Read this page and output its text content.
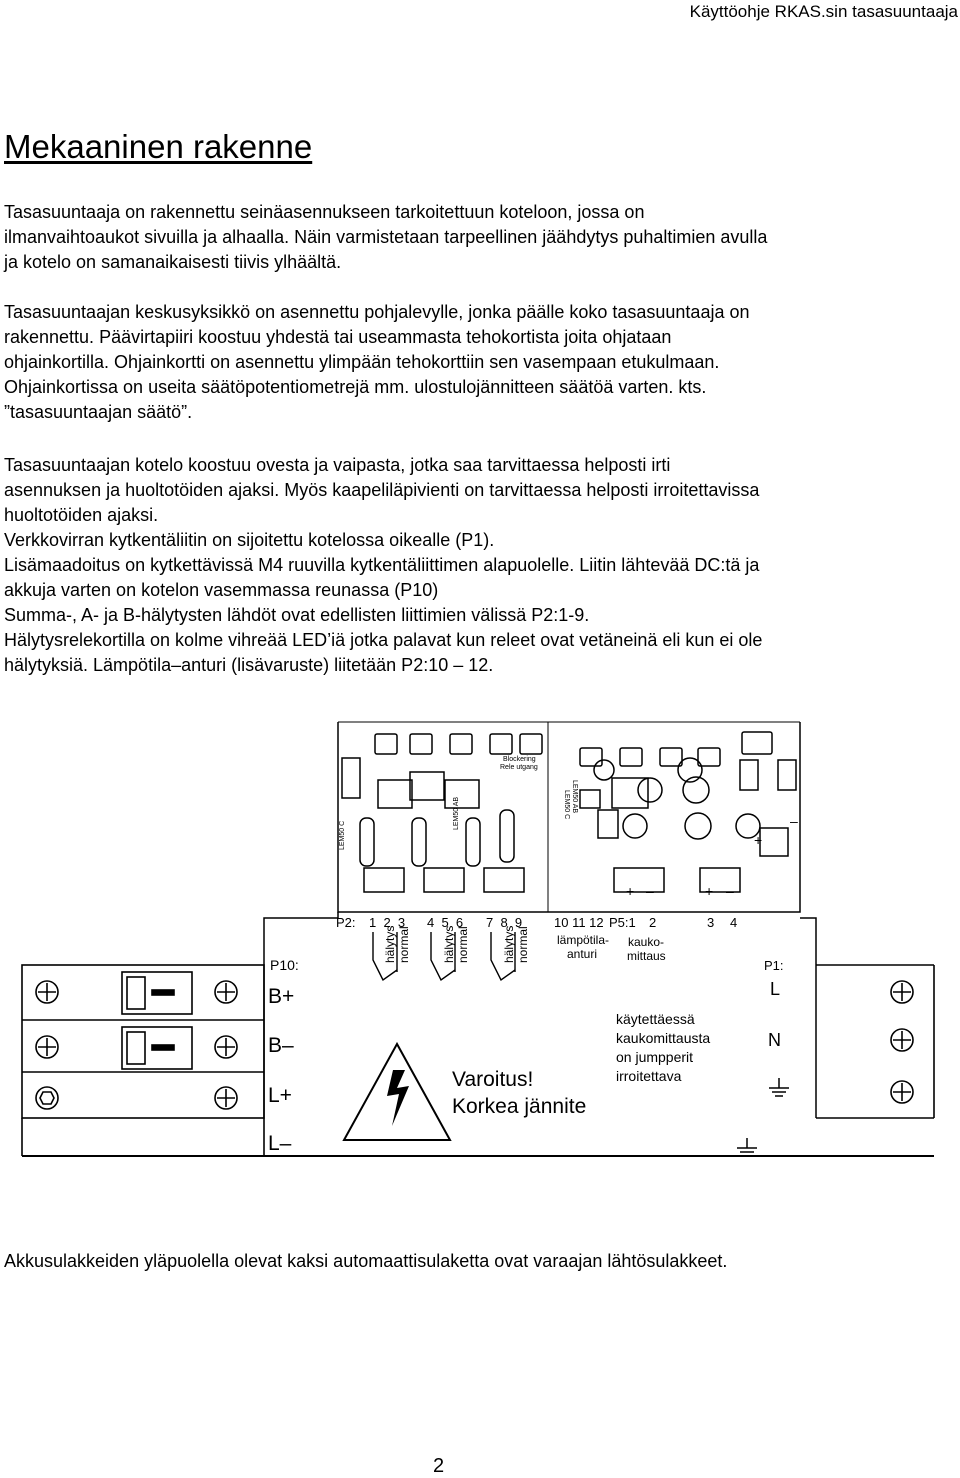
Käyttöohje RKAS.sin tasasuuntaaja
Mekaaninen rakenne

Tasasuuntaaja on rakennettu seinäasennukseen tarkoitettuun koteloon, jossa on
ilmanvaihtoaukot sivuilla ja alhaalla. Näin varmistetaan tarpeellinen jäähdytys puhaltimien avulla
ja kotelo on samanaikaisesti tiivis ylhäältä.

Tasasuuntaajan keskusyksikkö on asennettu pohjalevylle, jonka päälle koko tasasuuntaaja on
rakennettu. Päävirtapiiri koostuu yhdestä tai useammasta tehokortista joita ohjataan
ohjainkortilla. Ohjainkortti on asennettu ylimpään tehokorttiin sen vasempaan etukulmaan.
Ohjainkortissa on useita säätöpotentiometrejä mm. ulostulojännitteen säätöä varten. kts.
”tasasuuntaajan säätö”.

Tasasuuntaajan kotelo koostuu ovesta ja vaipasta, jotka saa tarvittaessa helposti irti
asennuksen ja huoltotöiden ajaksi. Myös kaapeliläpivienti on tarvittaessa helposti irroitettavissa
huoltotöiden ajaksi.
Verkkovirran kytkentäliitin on sijoitettu kotelossa oikealle (P1).
Lisämaadoitus on kytkettävissä M4 ruuvilla kytkentäliittimen alapuolelle. Liitin lähtevää DC:tä ja
akkuja varten on kotelon vasemmassa reunassa (P10)
Summa-, A- ja B-hälytysten lähdöt ovat edellisten liittimien välissä P2:1-9.
Hälytysrelekortilla on kolme vihreää LED’iä jotka palavat kun releet ovat vetäneinä eli kun ei ole
hälytyksiä. Lämpötila–anturi (lisävaruste) liitetään P2:10 – 12.

Blockering
Rele utgang
LEM50 AB	LEM50 C LEM50 AB
LEM50 C
+ –	+ –
+
–
P2: 1  2  3 4  5  6 7  8  9 10 11 12
hälytys normal	hälytys normal	hälytys normal
P5:1 2	3 4
lämpötila-
anturi
kauko-
mittaus
P10:
B+
B–
L+
L–
P1:
L
N
Varoitus!
Korkea jännite
käytettäessä
kaukomittausta
on jumpperit
irroitettava

Akkusulakkeiden yläpuolella olevat kaksi automaattisulaketta ovat varaajan lähtösulakkeet.

2
